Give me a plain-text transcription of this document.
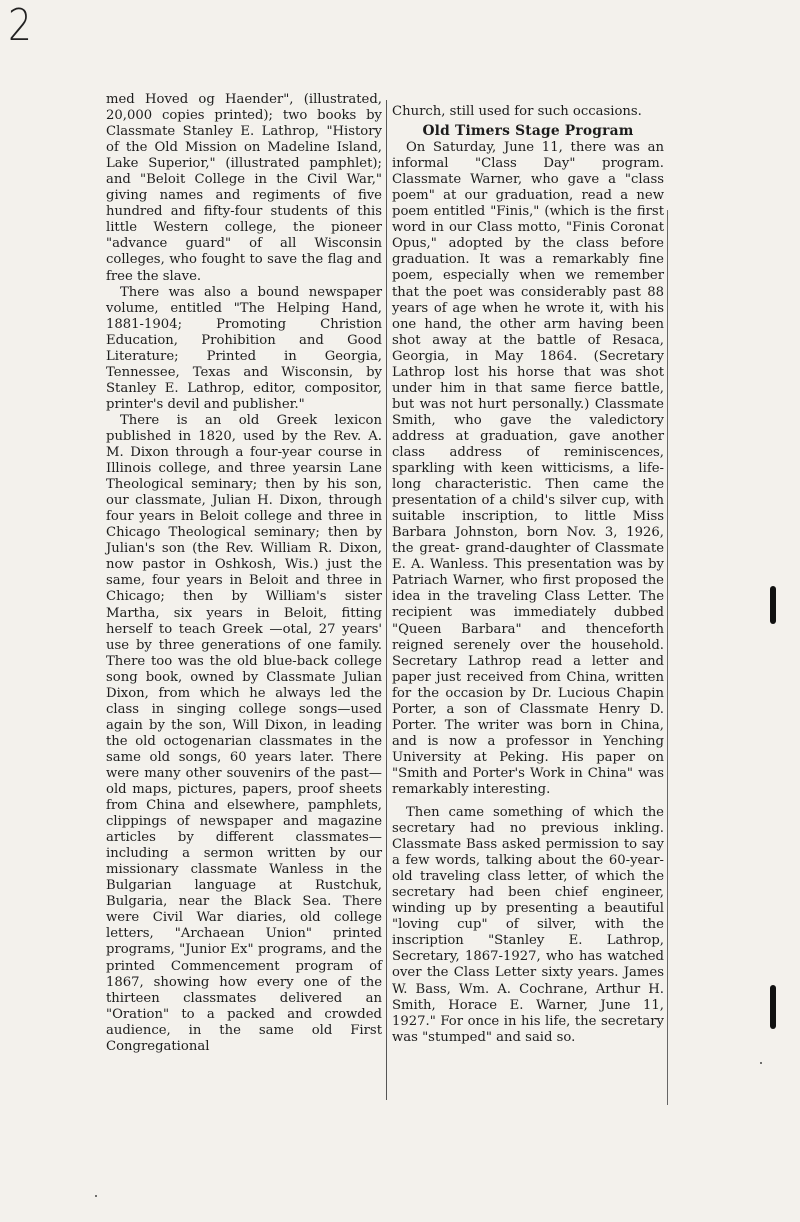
2

med Hoved og Haender", (illustrated, 20,000 copies printed); two books by Classmate Stanley E. Lathrop, "History of the Old Mission on Madeline Island, Lake Superior," (illustrated pamphlet); and "Beloit College in the Civil War," giving names and regiments of five hundred and fifty-four students of this little Western college, the pioneer "advance guard" of all Wisconsin colleges, who fought to save the flag and free the slave.

There was also a bound newspaper volume, entitled "The Helping Hand, 1881-1904; Promoting Christion Education, Prohibition and Good Literature; Printed in Georgia, Tennessee, Texas and Wisconsin, by Stanley E. Lathrop, editor, compositor, printer's devil and publisher."

There is an old Greek lexicon published in 1820, used by the Rev. A. M. Dixon through a four-year course in Illinois college, and three yearsin Lane Theological seminary; then by his son, our classmate, Julian H. Dixon, through four years in Beloit college and three in Chicago Theological seminary; then by Julian's son (the Rev. William R. Dixon, now pastor in Oshkosh, Wis.) just the same, four years in Beloit and three in Chicago; then by William's sister Martha, six years in Beloit, fitting herself to teach Greek —otal, 27 years' use by three generations of one family. There too was the old blue-back college song book, owned by Classmate Julian Dixon, from which he always led the class in singing college songs—used again by the son, Will Dixon, in leading the old octogenarian classmates in the same old songs, 60 years later. There were many other souvenirs of the past—old maps, pictures, papers, proof sheets from China and elsewhere, pamphlets, clippings of newspaper and magazine articles by different classmates—including a sermon written by our missionary classmate Wanless in the Bulgarian language at Rustchuk, Bulgaria, near the Black Sea. There were Civil War diaries, old college letters, "Archaean Union" printed programs, "Junior Ex" programs, and the printed Commencement program of 1867, showing how every one of the thirteen classmates delivered an "Oration" to a packed and crowded audience, in the same old First Congregational

Church, still used for such occasions.

Old Timers Stage Program

On Saturday, June 11, there was an informal "Class Day" program. Classmate Warner, who gave a "class poem" at our graduation, read a new poem entitled "Finis," (which is the first word in our Class motto, "Finis Coronat Opus," adopted by the class before graduation. It was a remarkably fine poem, especially when we remember that the poet was considerably past 88 years of age when he wrote it, with his one hand, the other arm having been shot away at the battle of Resaca, Georgia, in May 1864. (Secretary Lathrop lost his horse that was shot under him in that same fierce battle, but was not hurt personally.) Classmate Smith, who gave the valedictory address at graduation, gave another class address of reminiscences, sparkling with keen witticisms, a life-long characteristic. Then came the presentation of a child's silver cup, with suitable inscription, to little Miss Barbara Johnston, born Nov. 3, 1926, the great- grand-daughter of Classmate E. A. Wanless. This presentation was by Patriach Warner, who first proposed the idea in the traveling Class Letter. The recipient was immediately dubbed "Queen Barbara" and thenceforth reigned serenely over the household. Secretary Lathrop read a letter and paper just received from China, written for the occasion by Dr. Lucious Chapin Porter, a son of Classmate Henry D. Porter. The writer was born in China, and is now a professor in Yenching University at Peking. His paper on "Smith and Porter's Work in China" was remarkably interesting.

Then came something of which the secretary had no previous inkling. Classmate Bass asked permission to say a few words, talking about the 60-year-old traveling class letter, of which the secretary had been chief engineer, winding up by presenting a beautiful "loving cup" of silver, with the inscription "Stanley E. Lathrop, Secretary, 1867-1927, who has watched over the Class Letter sixty years. James W. Bass, Wm. A. Cochrane, Arthur H. Smith, Horace E. Warner, June 11, 1927." For once in his life, the secretary was "stumped" and said so.
